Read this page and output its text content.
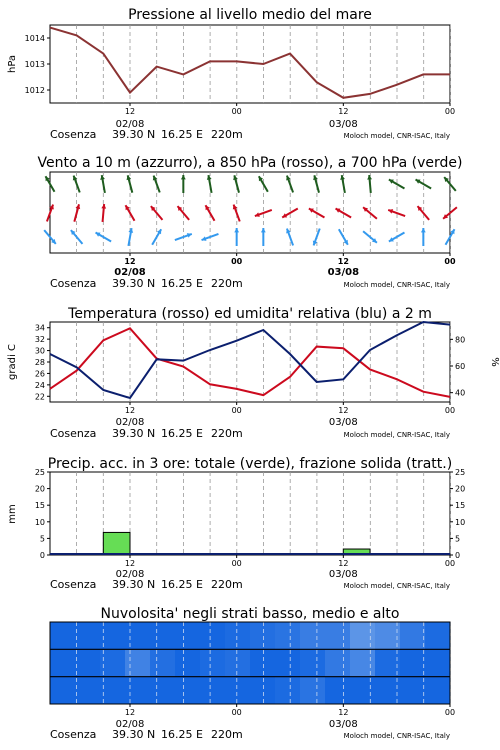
Pressione al livello medio del mare
1012
1013
1014
hPa
12	00	12	00
02/08	03/08
Cosenza 39.30 N 16.25 E 220m	Moloch model, CNR-ISAC, Italy
Vento a 10 m (azzurro), a 850 hPa (rosso), a 700 hPa (verde)
12	00	12	00
02/08	03/08
Cosenza 39.30 N 16.25 E 220m	Moloch model, CNR-ISAC, Italy
Temperatura (rosso) ed umidita' relativa (blu) a 2 m
22
24
26
28
30
32
34
40
60
80
gradi C	%
12	00	12	00
02/08	03/08
Cosenza 39.30 N 16.25 E 220m	Moloch model, CNR-ISAC, Italy
Precip. acc. in 3 ore: totale (verde), frazione solida (tratt.)
0	0
5	5
10	10
15	15
20	20
25	25
mm
12	00	12	00
02/08	03/08
Cosenza 39.30 N 16.25 E 220m	Moloch model, CNR-ISAC, Italy
Nuvolosita' negli strati basso, medio e alto
12	00	12	00
02/08	03/08
Cosenza 39.30 N 16.25 E 220m	Moloch model, CNR-ISAC, Italy
